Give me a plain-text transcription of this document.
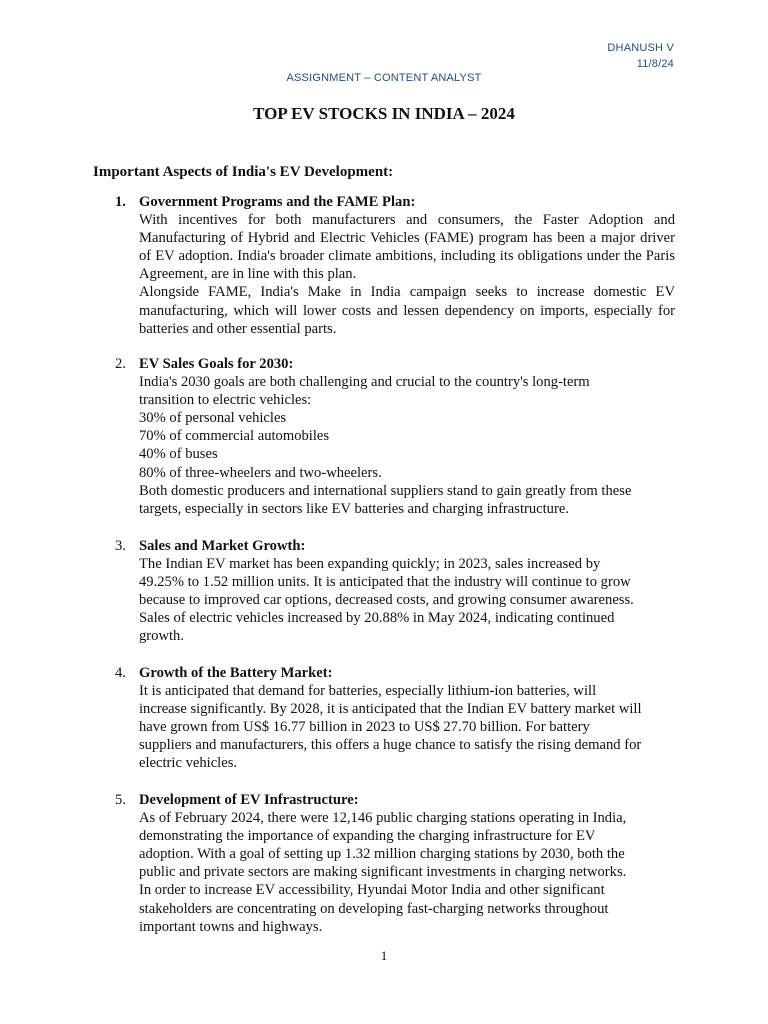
DHANUSH V
11/8/24
ASSIGNMENT – CONTENT ANALYST
TOP EV STOCKS IN INDIA – 2024
Important Aspects of India's EV Development:
1. Government Programs and the FAME Plan:

With incentives for both manufacturers and consumers, the Faster Adoption and Manufacturing of Hybrid and Electric Vehicles (FAME) program has been a major driver of EV adoption. India's broader climate ambitions, including its obligations under the Paris Agreement, are in line with this plan.

Alongside FAME, India's Make in India campaign seeks to increase domestic EV manufacturing, which will lower costs and lessen dependency on imports, especially for batteries and other essential parts.

2. EV Sales Goals for 2030:
India's 2030 goals are both challenging and crucial to the country's long-term
transition to electric vehicles:
30% of personal vehicles
70% of commercial automobiles
40% of buses
80% of three-wheelers and two-wheelers.
Both domestic producers and international suppliers stand to gain greatly from these
targets, especially in sectors like EV batteries and charging infrastructure.
3. Sales and Market Growth:
The Indian EV market has been expanding quickly; in 2023, sales increased by
49.25% to 1.52 million units. It is anticipated that the industry will continue to grow
because to improved car options, decreased costs, and growing consumer awareness.
Sales of electric vehicles increased by 20.88% in May 2024, indicating continued
growth.
4. Growth of the Battery Market:
It is anticipated that demand for batteries, especially lithium-ion batteries, will
increase significantly. By 2028, it is anticipated that the Indian EV battery market will
have grown from US$ 16.77 billion in 2023 to US$ 27.70 billion. For battery
suppliers and manufacturers, this offers a huge chance to satisfy the rising demand for
electric vehicles.
5. Development of EV Infrastructure:
As of February 2024, there were 12,146 public charging stations operating in India,
demonstrating the importance of expanding the charging infrastructure for EV
adoption. With a goal of setting up 1.32 million charging stations by 2030, both the
public and private sectors are making significant investments in charging networks.
In order to increase EV accessibility, Hyundai Motor India and other significant
stakeholders are concentrating on developing fast-charging networks throughout
important towns and highways.
1
